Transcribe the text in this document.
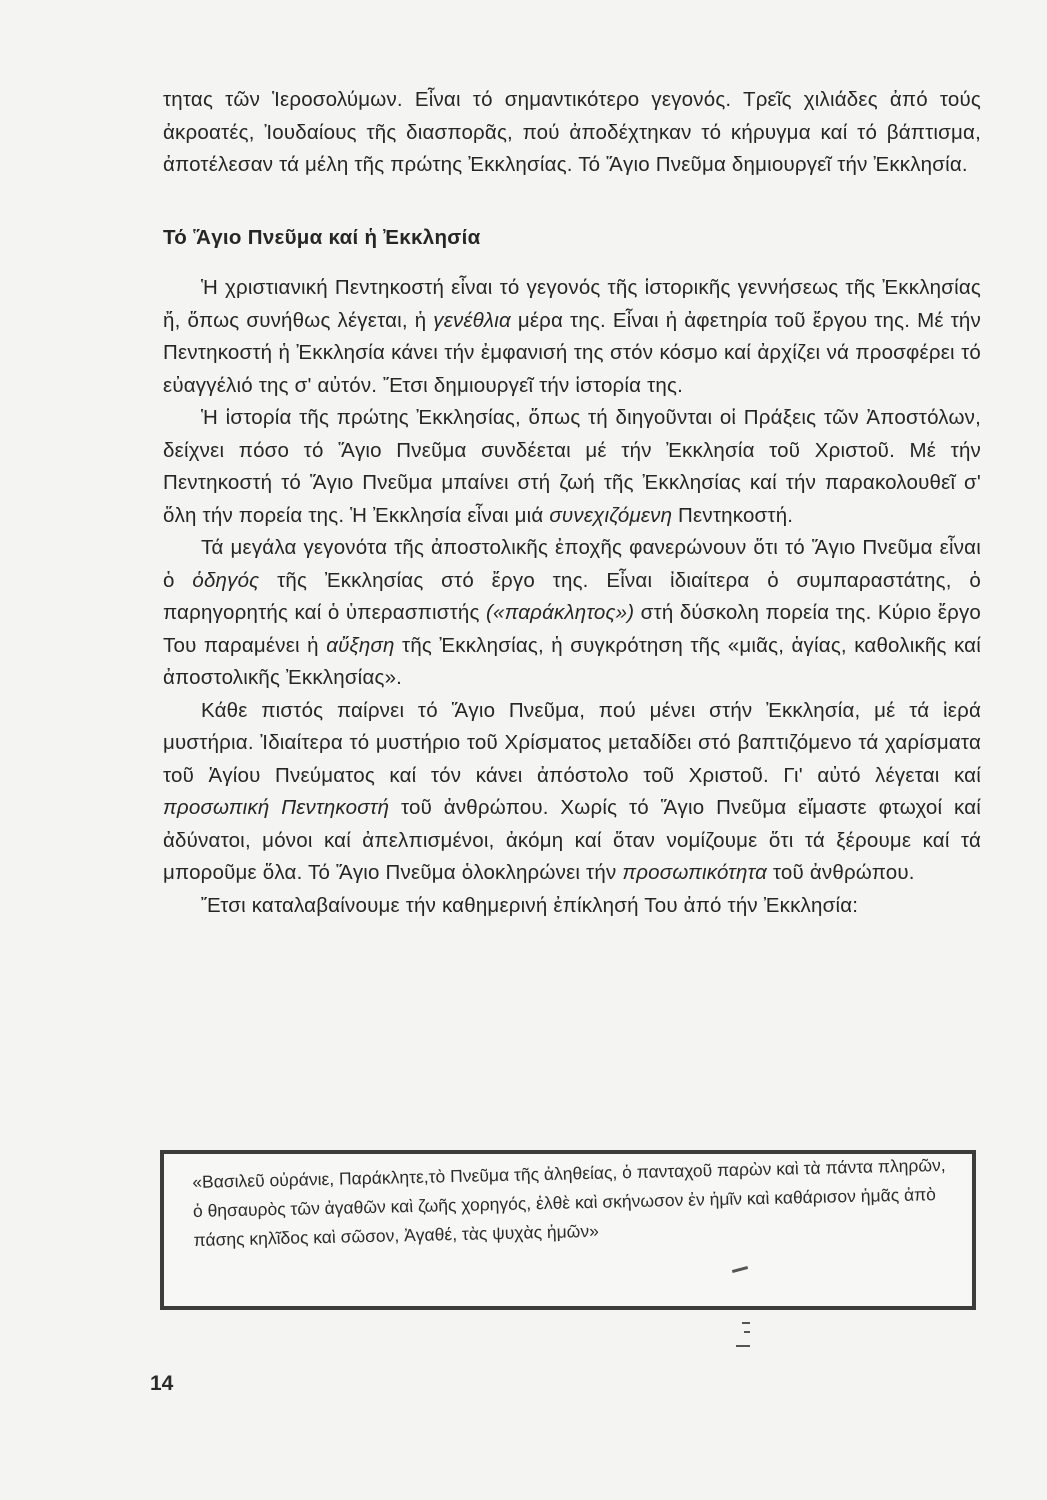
τητας τῶν Ἱεροσολύμων. Εἶναι τό σημαντικότερο γεγονός. Τρεῖς χιλιάδες ἀπό τούς ἀκροατές, Ἰουδαίους τῆς διασπορᾶς, πού ἀποδέχτηκαν τό κήρυγμα καί τό βάπτισμα, ἀποτέλεσαν τά μέλη τῆς πρώτης Ἐκκλησίας. Τό Ἅγιο Πνεῦμα δημιουργεῖ τήν Ἐκκλησία.

Τό Ἅγιο Πνεῦμα καί ἡ Ἐκκλησία

Ἡ χριστιανική Πεντηκοστή εἶναι τό γεγονός τῆς ἱστορικῆς γεννήσεως τῆς Ἐκκλησίας ἤ, ὅπως συνήθως λέγεται, ἡ γενέθλια μέρα της. Εἶναι ἡ ἀφετηρία τοῦ ἔργου της. Μέ τήν Πεντηκοστή ἡ Ἐκκλησία κάνει τήν ἐμφανισή της στόν κόσμο καί ἀρχίζει νά προσφέρει τό εὐαγγέλιό της σ' αὐτόν. Ἔτσι δημιουργεῖ τήν ἱστορία της.

Ἡ ἱστορία τῆς πρώτης Ἐκκλησίας, ὅπως τή διηγοῦνται οἱ Πράξεις τῶν Ἀποστόλων, δείχνει πόσο τό Ἅγιο Πνεῦμα συνδέεται μέ τήν Ἐκκλησία τοῦ Χριστοῦ. Μέ τήν Πεντηκοστή τό Ἅγιο Πνεῦμα μπαίνει στή ζωή τῆς Ἐκκλησίας καί τήν παρακολουθεῖ σ' ὅλη τήν πορεία της. Ἡ Ἐκκλησία εἶναι μιά συνεχιζόμενη Πεντηκοστή.

Τά μεγάλα γεγονότα τῆς ἀποστολικῆς ἐποχῆς φανερώνουν ὅτι τό Ἅγιο Πνεῦμα εἶναι ὁ ὁδηγός τῆς Ἐκκλησίας στό ἔργο της. Εἶναι ἰδιαίτερα ὁ συμπαραστάτης, ὁ παρηγορητής καί ὁ ὑπερασπιστής («παράκλητος») στή δύσκολη πορεία της. Κύριο ἔργο Του παραμένει ἡ αὔξηση τῆς Ἐκκλησίας, ἡ συγκρότηση τῆς «μιᾶς, ἁγίας, καθολικῆς καί ἀποστολικῆς Ἐκκλησίας».

Κάθε πιστός παίρνει τό Ἅγιο Πνεῦμα, πού μένει στήν Ἐκκλησία, μέ τά ἱερά μυστήρια. Ἰδιαίτερα τό μυστήριο τοῦ Χρίσματος μεταδίδει στό βαπτιζόμενο τά χαρίσματα τοῦ Ἁγίου Πνεύματος καί τόν κάνει ἀπόστολο τοῦ Χριστοῦ. Γι' αὐτό λέγεται καί προσωπική Πεντηκοστή τοῦ ἀνθρώπου. Χωρίς τό Ἅγιο Πνεῦμα εἴμαστε φτωχοί καί ἀδύνατοι, μόνοι καί ἀπελπισμένοι, ἀκόμη καί ὅταν νομίζουμε ὅτι τά ξέρουμε καί τά μποροῦμε ὅλα. Τό Ἅγιο Πνεῦμα ὁλοκληρώνει τήν προσωπικότητα τοῦ ἀνθρώπου.

Ἔτσι καταλαβαίνουμε τήν καθημερινή ἐπίκλησή Του ἀπό τήν Ἐκκλησία:

«Βασιλεῦ οὐράνιε, Παράκλητε,τὸ Πνεῦμα τῆς ἀληθείας, ὁ πανταχοῦ παρὼν καὶ τὰ πάντα πληρῶν, ὁ θησαυρὸς τῶν ἀγαθῶν καὶ ζωῆς χορηγός, ἐλθὲ καὶ σκήνωσον ἐν ἡμῖν καὶ καθάρισον ἡμᾶς ἀπὸ πάσης κηλῖδος καὶ σῶσον, Ἀγαθέ, τὰς ψυχὰς ἡμῶν»
14
